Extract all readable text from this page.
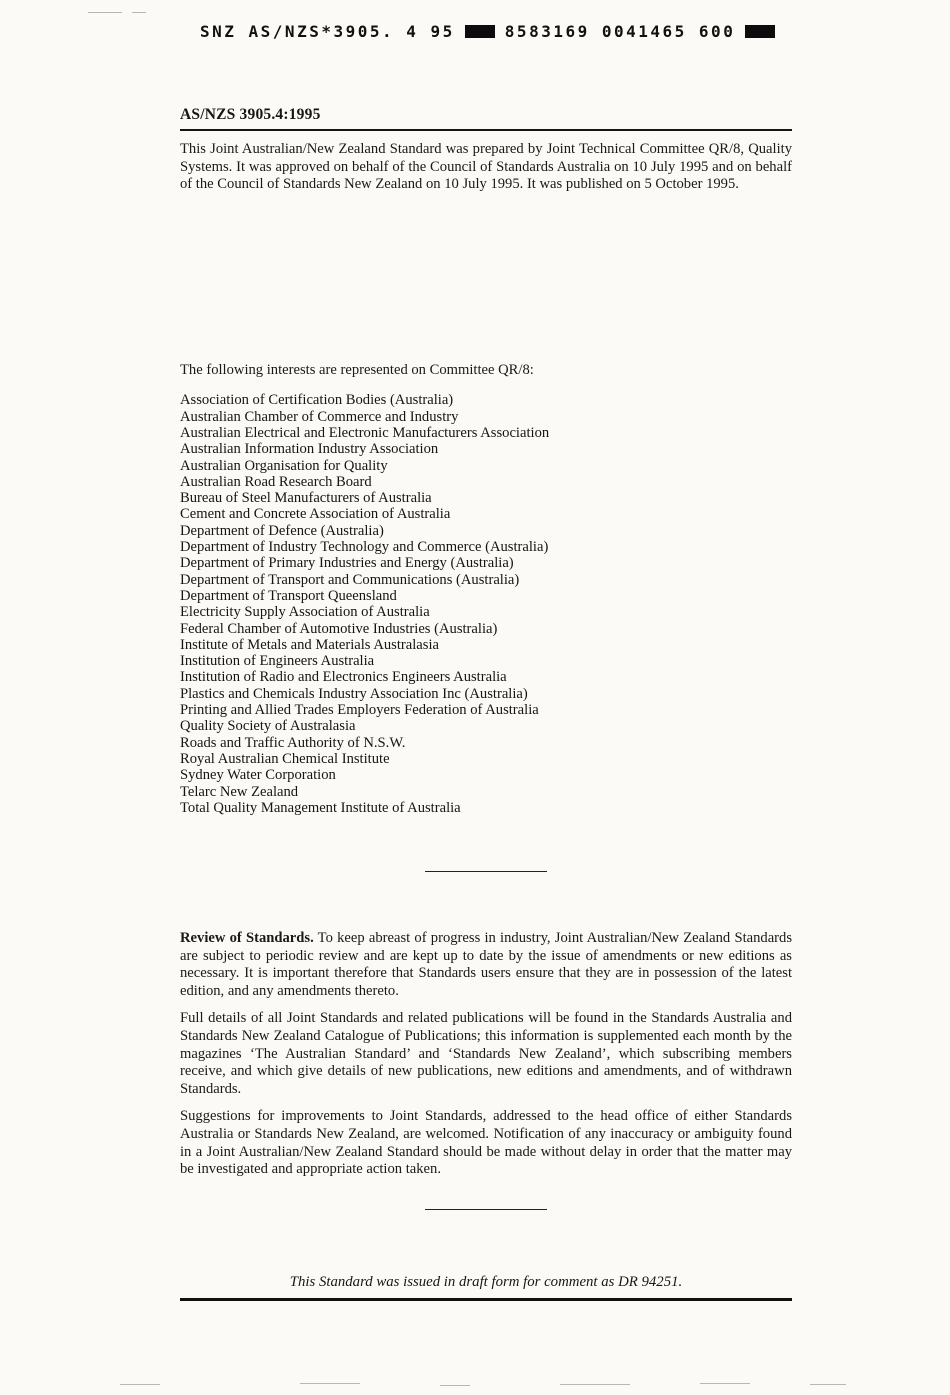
SNZ AS/NZS*3905. 4 95	8583169 0041465 600
AS/NZS 3905.4:1995

This Joint Australian/New Zealand Standard was prepared by Joint Technical Committee QR/8, Quality Systems. It was approved on behalf of the Council of Standards Australia on 10 July 1995 and on behalf of the Council of Standards New Zealand on 10 July 1995. It was published on 5 October 1995.

The following interests are represented on Committee QR/8:

Association of Certification Bodies (Australia)
Australian Chamber of Commerce and Industry
Australian Electrical and Electronic Manufacturers Association
Australian Information Industry Association
Australian Organisation for Quality
Australian Road Research Board
Bureau of Steel Manufacturers of Australia
Cement and Concrete Association of Australia
Department of Defence (Australia)
Department of Industry Technology and Commerce (Australia)
Department of Primary Industries and Energy (Australia)
Department of Transport and Communications (Australia)
Department of Transport Queensland
Electricity Supply Association of Australia
Federal Chamber of Automotive Industries (Australia)
Institute of Metals and Materials Australasia
Institution of Engineers Australia
Institution of Radio and Electronics Engineers Australia
Plastics and Chemicals Industry Association Inc (Australia)
Printing and Allied Trades Employers Federation of Australia
Quality Society of Australasia
Roads and Traffic Authority of N.S.W.
Royal Australian Chemical Institute
Sydney Water Corporation
Telarc New Zealand
Total Quality Management Institute of Australia

Review of Standards. To keep abreast of progress in industry, Joint Australian/New Zealand Standards are subject to periodic review and are kept up to date by the issue of amendments or new editions as necessary. It is important therefore that Standards users ensure that they are in possession of the latest edition, and any amendments thereto.

Full details of all Joint Standards and related publications will be found in the Standards Australia and Standards New Zealand Catalogue of Publications; this information is supplemented each month by the magazines ‘The Australian Standard’ and ‘Standards New Zealand’, which subscribing members receive, and which give details of new publications, new editions and amendments, and of withdrawn Standards.

Suggestions for improvements to Joint Standards, addressed to the head office of either Standards Australia or Standards New Zealand, are welcomed. Notification of any inaccuracy or ambiguity found in a Joint Australian/New Zealand Standard should be made without delay in order that the matter may be investigated and appropriate action taken.

This Standard was issued in draft form for comment as DR 94251.
